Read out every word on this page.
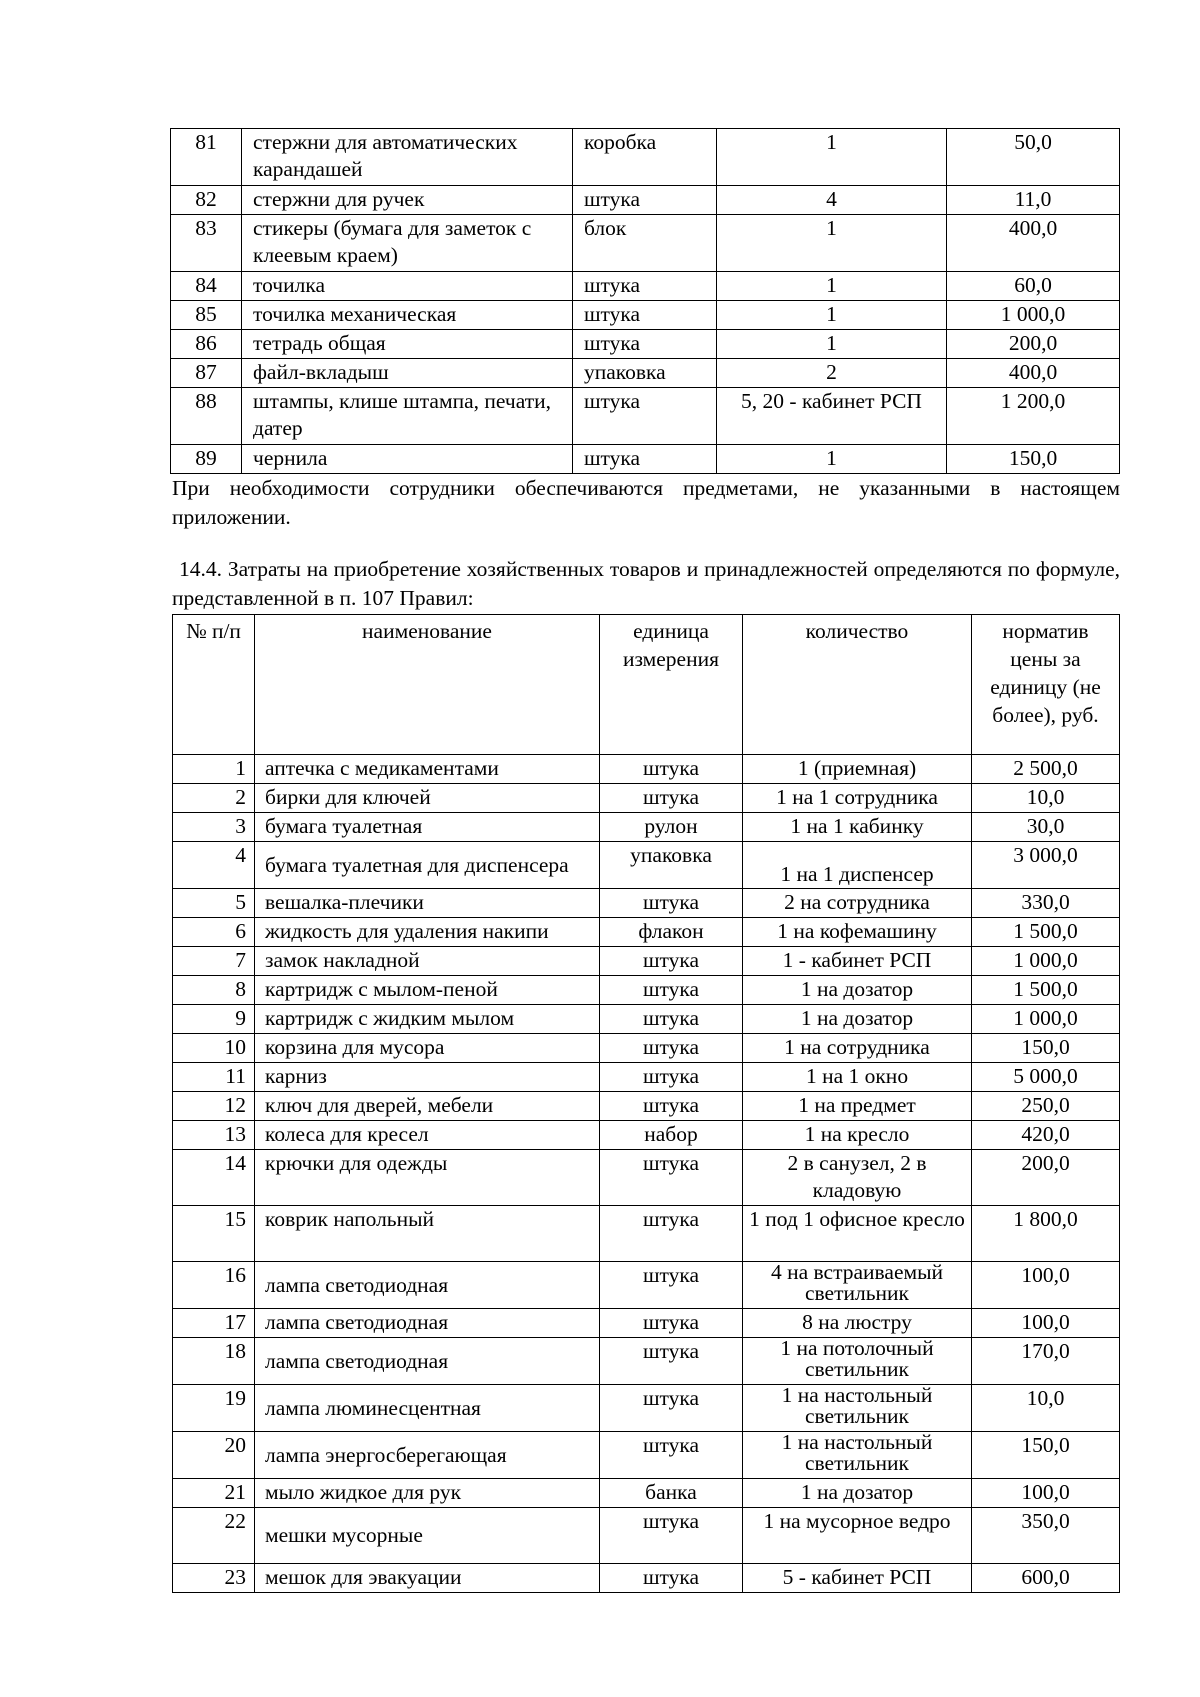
81	стержни для автоматических карандашей	коробка	1	50,0
82	стержни для ручек	штука	4	11,0
83	стикеры (бумага для заметок с клеевым краем)	блок	1	400,0
84	точилка	штука	1	60,0
85	точилка механическая	штука	1	1 000,0
86	тетрадь общая	штука	1	200,0
87	файл-вкладыш	упаковка	2	400,0
88	штампы, клише штампа, печати, датер	штука	5, 20 - кабинет РСП	1 200,0
89	чернила	штука	1	150,0
При необходимости сотрудники обеспечиваются предметами, не указанными в настоящем приложении.
14.4. Затраты на приобретение хозяйственных товаров и принадлежностей определяются по формуле, представленной в п. 107 Правил:
№ п/п	наименование	единица измерения	количество	норматив цены за единицу (не более), руб.
1	аптечка с медикаментами	штука	1 (приемная)	2 500,0
2	бирки для ключей	штука	1 на 1 сотрудника	10,0
3	бумага туалетная	рулон	1 на 1 кабинку	30,0
4	бумага туалетная для диспенсера	упаковка	1 на 1 диспенсер	3 000,0
5	вешалка-плечики	штука	2 на сотрудника	330,0
6	жидкость для удаления накипи	флакон	1 на кофемашину	1 500,0
7	замок накладной	штука	1 - кабинет РСП	1 000,0
8	картридж с мылом-пеной	штука	1 на дозатор	1 500,0
9	картридж с жидким мылом	штука	1 на дозатор	1 000,0
10	корзина для мусора	штука	1 на сотрудника	150,0
11	карниз	штука	1 на 1 окно	5 000,0
12	ключ для дверей, мебели	штука	1 на предмет	250,0
13	колеса для кресел	набор	1 на кресло	420,0
14	крючки для одежды	штука	2 в санузел, 2 в кладовую	200,0
15	коврик напольный	штука	1 под 1 офисное кресло	1 800,0
16	лампа светодиодная	штука	4 на встраиваемый светильник	100,0
17	лампа светодиодная	штука	8 на люстру	100,0
18	лампа светодиодная	штука	1 на потолочный светильник	170,0
19	лампа люминесцентная	штука	1 на настольный светильник	10,0
20	лампа энергосберегающая	штука	1 на настольный светильник	150,0
21	мыло жидкое для рук	банка	1 на дозатор	100,0
22	мешки мусорные	штука	1 на мусорное ведро	350,0
23	мешок для эвакуации	штука	5 - кабинет РСП	600,0
